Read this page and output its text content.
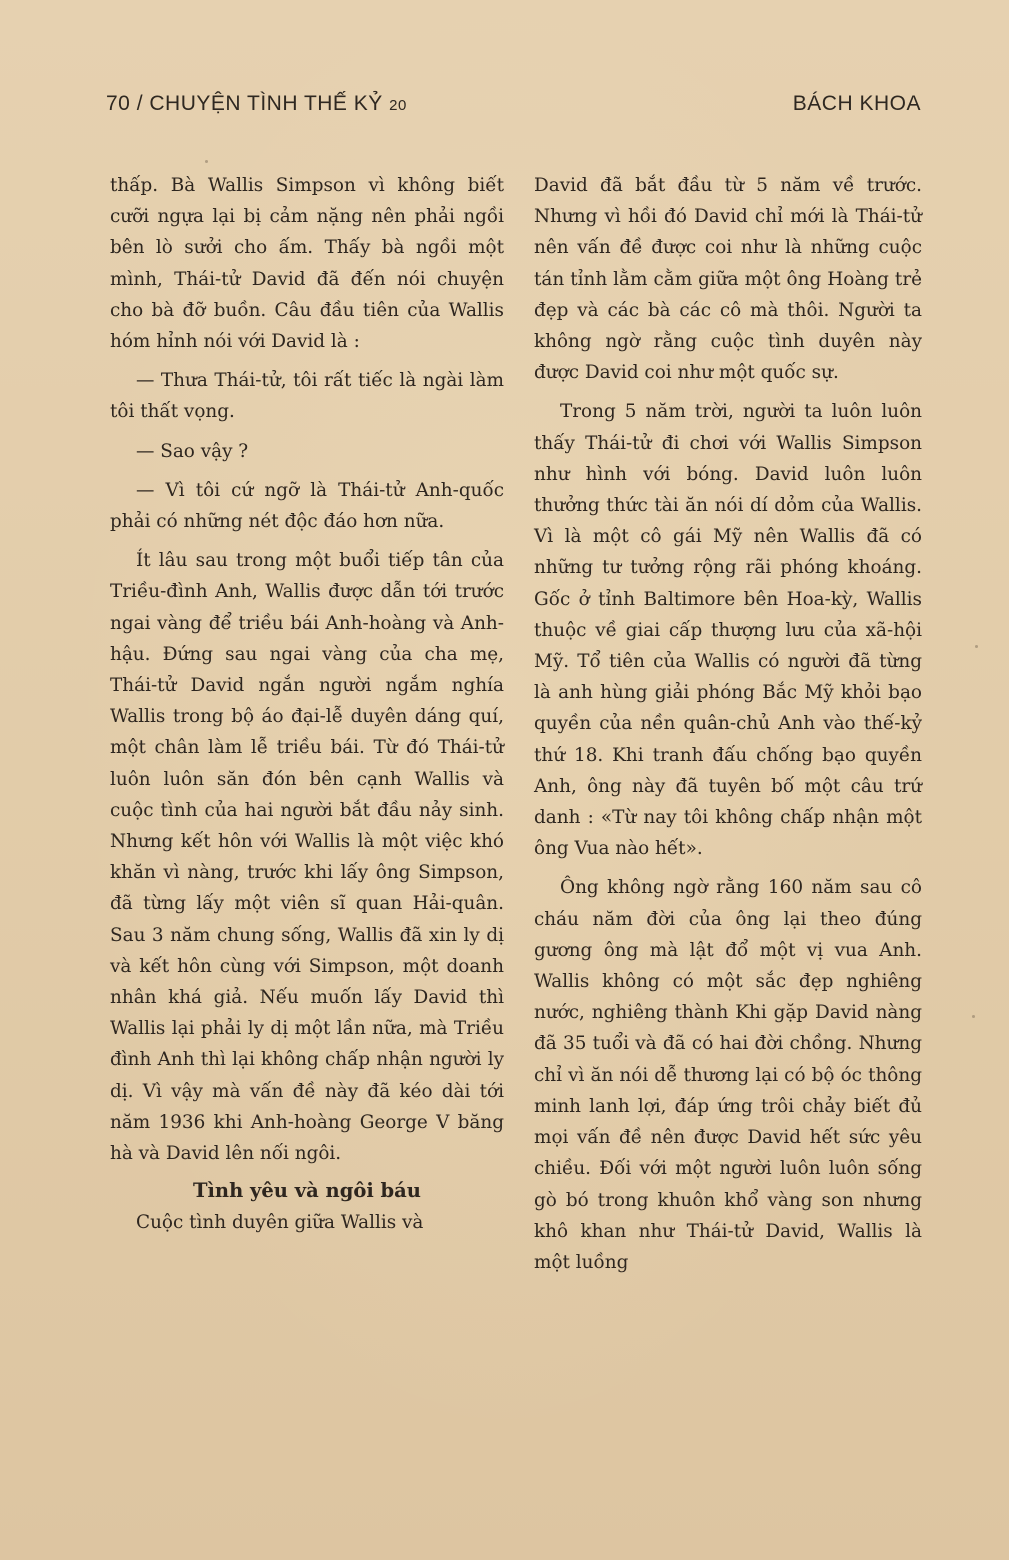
70 / CHUYỆN TÌNH THẾ KỶ 20	BÁCH KHOA

thấp. Bà Wallis Simpson vì không biết cưỡi ngựa lại bị cảm nặng nên phải ngồi bên lò sưởi cho ấm. Thấy bà ngồi một mình, Thái-tử David đã đến nói chuyện cho bà đỡ buồn. Câu đầu tiên của Wallis hóm hỉnh nói với David là :

— Thưa Thái-tử, tôi rất tiếc là ngài làm tôi thất vọng.

— Sao vậy ?

— Vì tôi cứ ngỡ là Thái-tử Anh-quốc phải có những nét độc đáo hơn nữa.

Ít lâu sau trong một buổi tiếp tân của Triều-đình Anh, Wallis được dẫn tới trước ngai vàng để triều bái Anh-hoàng và Anh-hậu. Đứng sau ngai vàng của cha mẹ, Thái-tử David ngắn người ngắm nghía Wallis trong bộ áo đại-lễ duyên dáng quí, một chân làm lễ triều bái. Từ đó Thái-tử luôn luôn săn đón bên cạnh Wallis và cuộc tình của hai người bắt đầu nảy sinh. Nhưng kết hôn với Wallis là một việc khó khăn vì nàng, trước khi lấy ông Simpson, đã từng lấy một viên sĩ quan Hải-quân. Sau 3 năm chung sống, Wallis đã xin ly dị và kết hôn cùng với Simpson, một doanh nhân khá giả. Nếu muốn lấy David thì Wallis lại phải ly dị một lần nữa, mà Triều đình Anh thì lại không chấp nhận người ly dị. Vì vậy mà vấn đề này đã kéo dài tới năm 1936 khi Anh-hoàng George V băng hà và David lên nối ngôi.

Tình yêu và ngôi báu

Cuộc tình duyên giữa Wallis và

David đã bắt đầu từ 5 năm về trước. Nhưng vì hồi đó David chỉ mới là Thái-tử nên vấn đề được coi như là những cuộc tán tỉnh lằm cằm giữa một ông Hoàng trẻ đẹp và các bà các cô mà thôi. Người ta không ngờ rằng cuộc tình duyên này được David coi như một quốc sự.

Trong 5 năm trời, người ta luôn luôn thấy Thái-tử đi chơi với Wallis Simpson như hình với bóng. David luôn luôn thưởng thức tài ăn nói dí dỏm của Wallis. Vì là một cô gái Mỹ nên Wallis đã có những tư tưởng rộng rãi phóng khoáng. Gốc ở tỉnh Baltimore bên Hoa-kỳ, Wallis thuộc về giai cấp thượng lưu của xã-hội Mỹ. Tổ tiên của Wallis có người đã từng là anh hùng giải phóng Bắc Mỹ khỏi bạo quyền của nền quân-chủ Anh vào thế-kỷ thứ 18. Khi tranh đấu chống bạo quyền Anh, ông này đã tuyên bố một câu trứ danh : «Từ nay tôi không chấp nhận một ông Vua nào hết».

Ông không ngờ rằng 160 năm sau cô cháu năm đời của ông lại theo đúng gương ông mà lật đổ một vị vua Anh. Wallis không có một sắc đẹp nghiêng nước, nghiêng thành Khi gặp David nàng đã 35 tuổi và đã có hai đời chồng. Nhưng chỉ vì ăn nói dễ thương lại có bộ óc thông minh lanh lợi, đáp ứng trôi chảy biết đủ mọi vấn đề nên được David hết sức yêu chiều. Đối với một người luôn luôn sống gò bó trong khuôn khổ vàng son nhưng khô khan như Thái-tử David, Wallis là một luồng
